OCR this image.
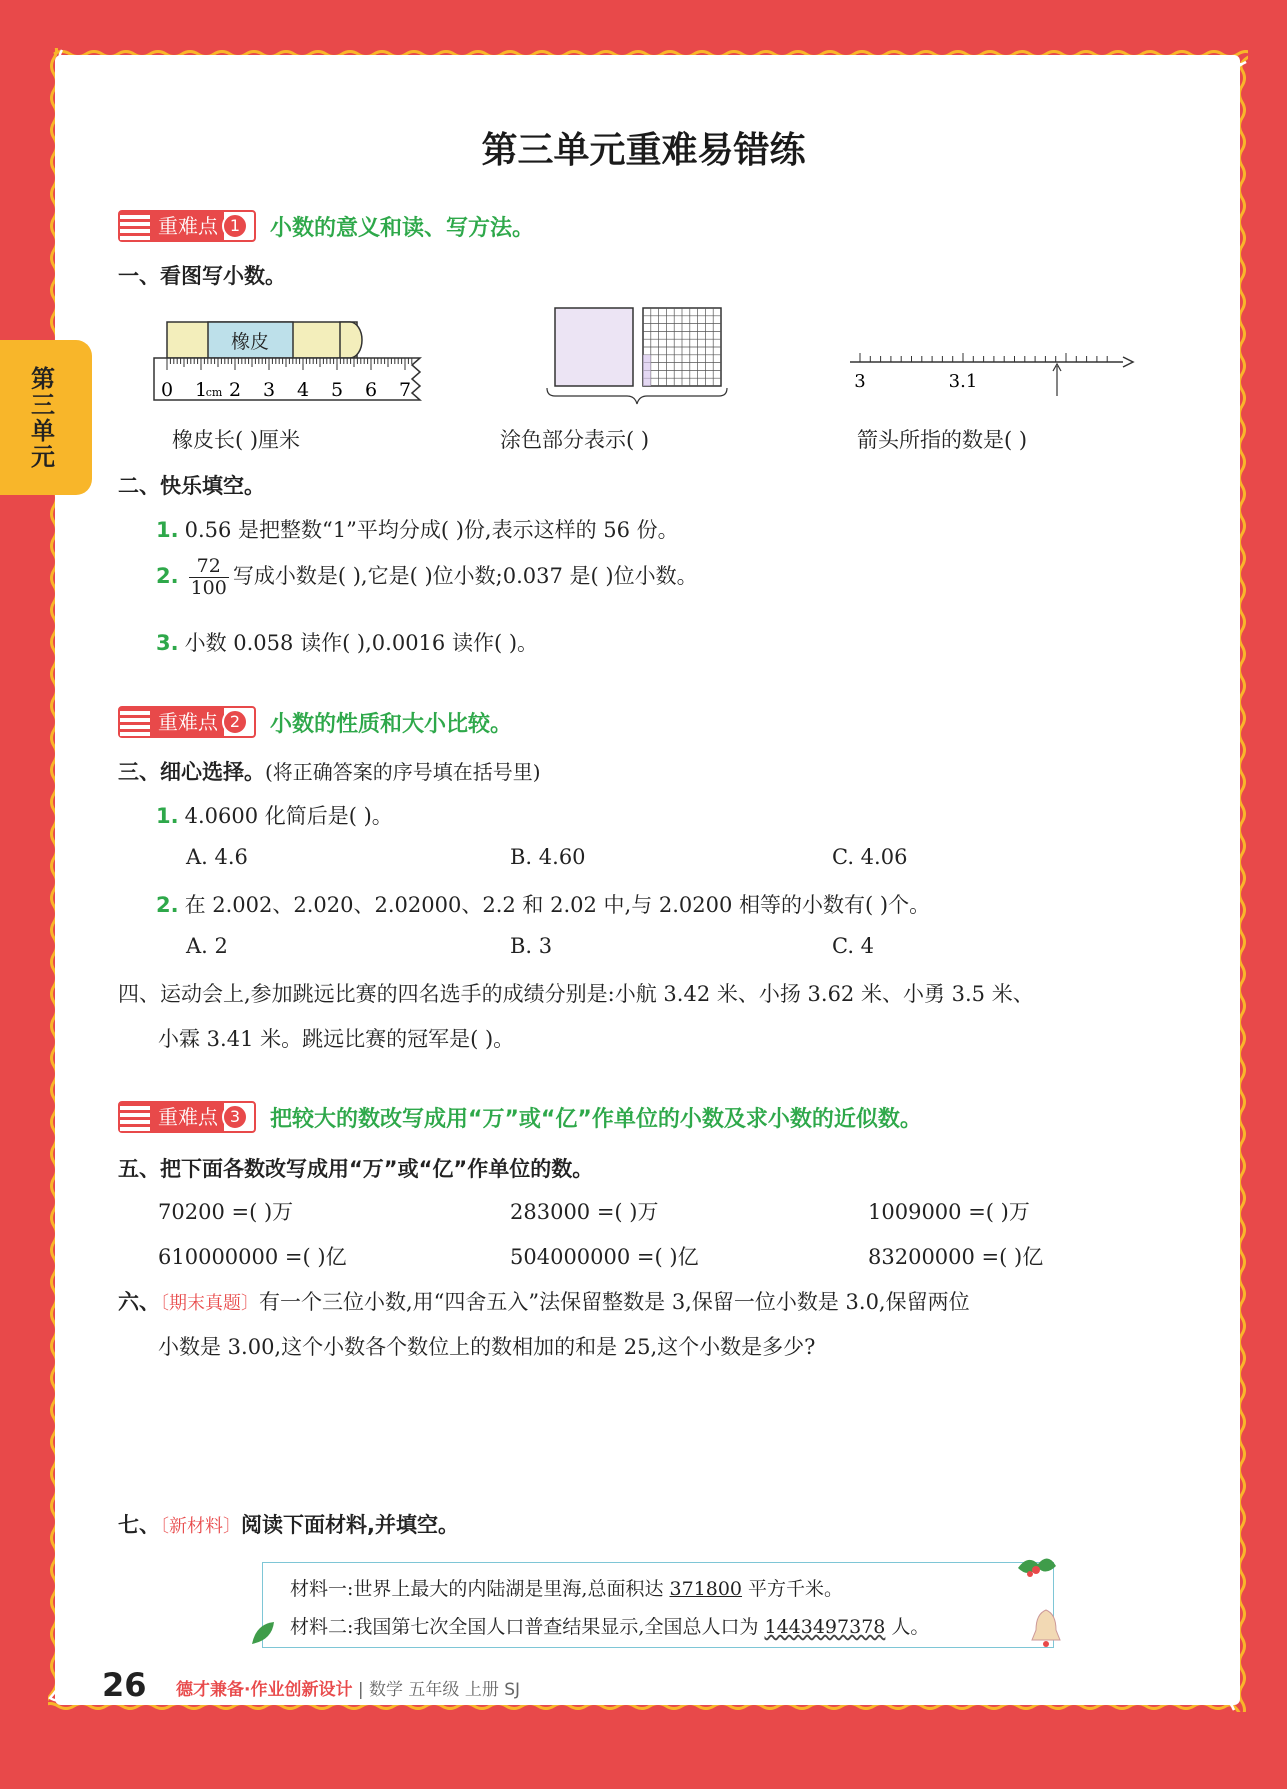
第三单元
第三单元重难易错练
重难点 1	小数的意义和读、写方法。
一、看图写小数。
橡皮
0 1
cm 2 3 4 5 6 7	3	3.1
橡皮长( )厘米	涂色部分表示( )	箭头所指的数是( )
二、快乐填空。
1. 0.56 是把整数“1”平均分成( )份,表示这样的 56 份。
2. $\frac{72}{100}$ 写成小数是( ),它是( )位小数;0.037 是( )位小数。
3. 小数 0.058 读作( ),0.0016 读作( )。
重难点 2	小数的性质和大小比较。
三、细心选择。(将正确答案的序号填在括号里)
1. 4.0600 化简后是( )。
A. 4.6	B. 4.60	C. 4.06
2. 在 2.002、2.020、2.02000、2.2 和 2.02 中,与 2.0200 相等的小数有( )个。
A. 2	B. 3	C. 4
四、运动会上,参加跳远比赛的四名选手的成绩分别是:小航 3.42 米、小扬 3.62 米、小勇 3.5 米、
小霖 3.41 米。跳远比赛的冠军是( )。
重难点 3	把较大的数改写成用“万”或“亿”作单位的小数及求小数的近似数。
五、把下面各数改写成用“万”或“亿”作单位的数。
70200 =( )万	283000 =( )万	1009000 =( )万
610000000 =( )亿	504000000 =( )亿	83200000 =( )亿
六、〔期末真题〕有一个三位小数,用“四舍五入”法保留整数是 3,保留一位小数是 3.0,保留两位
小数是 3.00,这个小数各个数位上的数相加的和是 25,这个小数是多少?
七、〔新材料〕阅读下面材料,并填空。
材料一:世界上最大的内陆湖是里海,总面积达 371800 平方千米。
材料二:我国第七次全国人口普查结果显示,全国总人口为 1443497378 人。
26 德才兼备·作业创新设计 | 数学 五年级 上册 SJ
